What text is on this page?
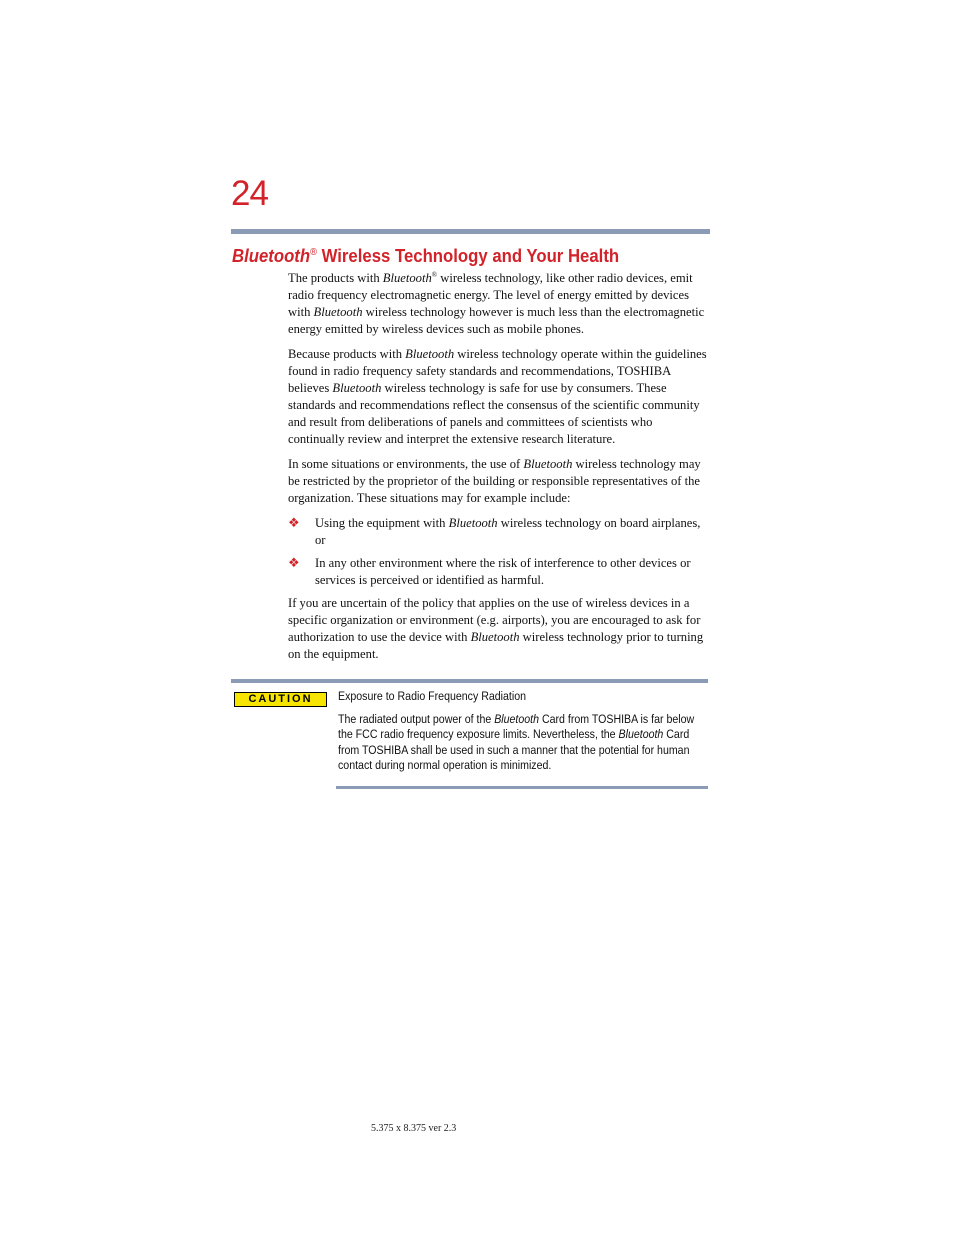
24
Bluetooth® Wireless Technology and Your Health

The products with Bluetooth® wireless technology, like other radio devices, emit radio frequency electromagnetic energy. The level of energy emitted by devices with Bluetooth wireless technology however is much less than the electromagnetic energy emitted by wireless devices such as mobile phones.

Because products with Bluetooth wireless technology operate within the guidelines found in radio frequency safety standards and recommendations, TOSHIBA believes Bluetooth wireless technology is safe for use by consumers. These standards and recommendations reflect the consensus of the scientific community and result from deliberations of panels and committees of scientists who continually review and interpret the extensive research literature.

In some situations or environments, the use of Bluetooth wireless technology may be restricted by the proprietor of the building or responsible representatives of the organization. These situations may for example include:

❖ Using the equipment with Bluetooth wireless technology on board airplanes, or
❖ In any other environment where the risk of interference to other devices or services is perceived or identified as harmful.

If you are uncertain of the policy that applies on the use of wireless devices in a specific organization or environment (e.g. airports), you are encouraged to ask for authorization to use the device with Bluetooth wireless technology prior to turning on the equipment.

CAUTION	Exposure to Radio Frequency Radiation

The radiated output power of the Bluetooth Card from TOSHIBA is far below the FCC radio frequency exposure limits. Nevertheless, the Bluetooth Card from TOSHIBA shall be used in such a manner that the potential for human contact during normal operation is minimized.

5.375 x 8.375 ver 2.3
